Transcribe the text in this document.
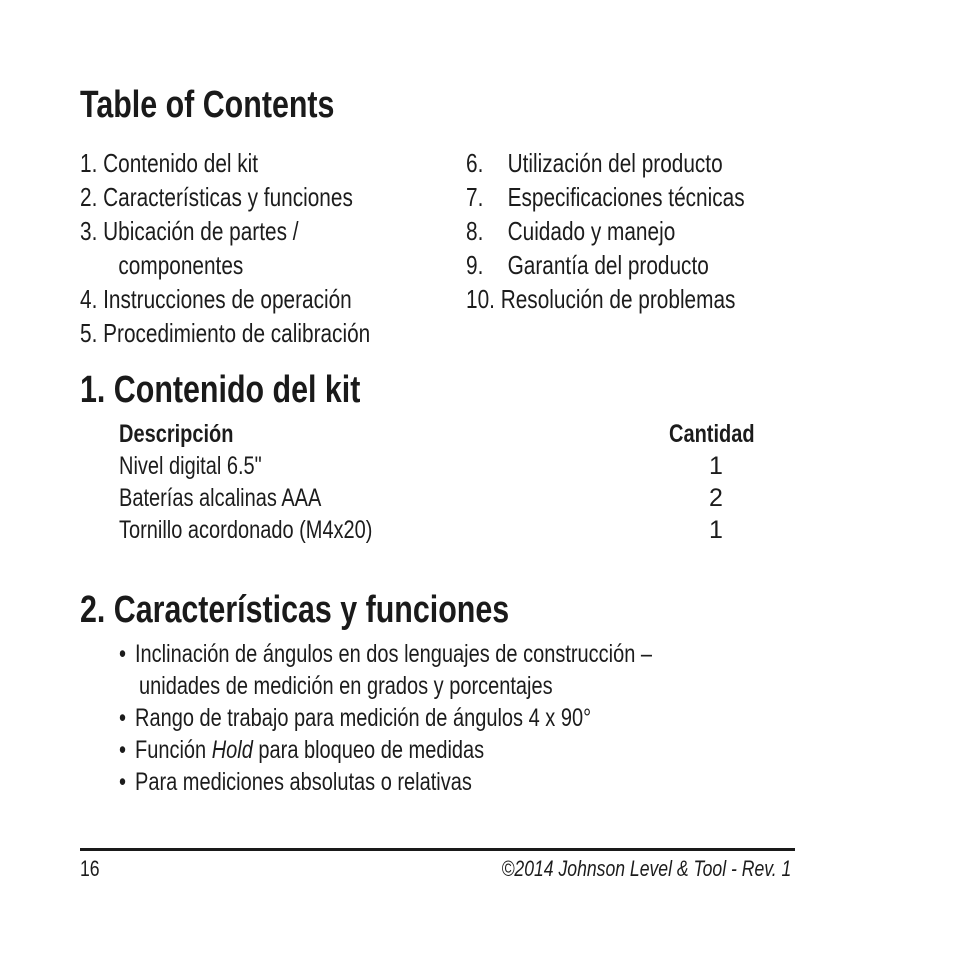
Table of Contents
1. Contenido del kit
2. Características y funciones
3. Ubicación de partes /
componentes
4. Instrucciones de operación
5. Procedimiento de calibración
6. Utilización del producto
7. Especificaciones técnicas
8. Cuidado y manejo
9. Garantía del producto
10. Resolución de problemas
1. Contenido del kit
Descripción	Cantidad
Nivel digital 6.5"	1
Baterías alcalinas AAA	2
Tornillo acordonado (M4x20)	1
2. Características y funciones
• Inclinación de ángulos en dos lenguajes de construcción –
unidades de medición en grados y porcentajes
• Rango de trabajo para medición de ángulos 4 x 90°
• Función Hold para bloqueo de medidas
• Para mediciones absolutas o relativas
16	©2014 Johnson Level & Tool - Rev. 1
